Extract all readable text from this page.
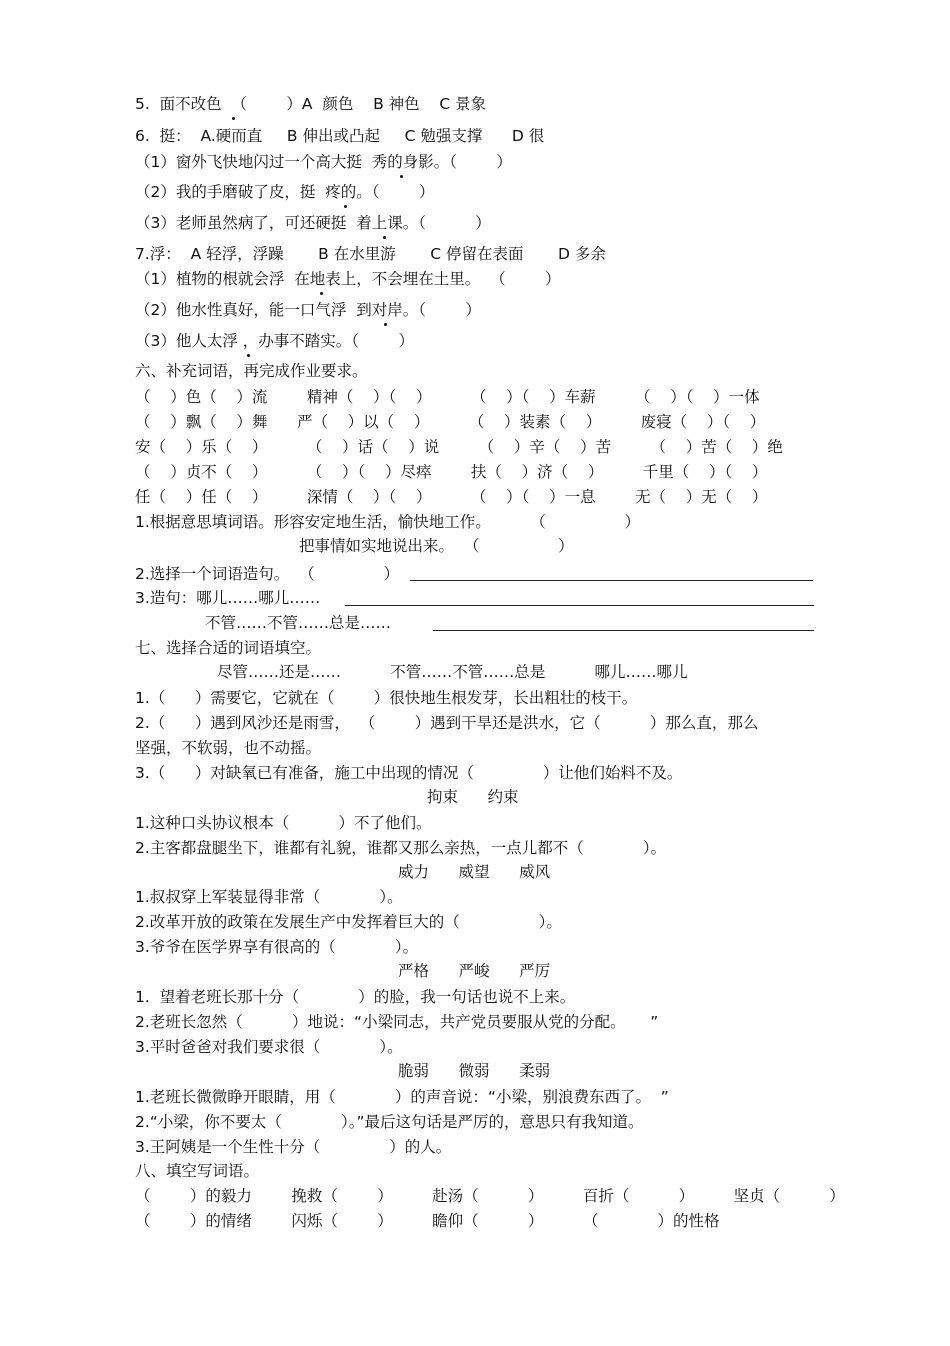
5.  面不改色  （        ）A  颜色    B 神色    C 景象

6.  挺：  A.硬而直     B 伸出或凸起     C 勉强支撑      D 很

（1）窗外飞快地闪过一个高大挺  秀的身影。（        ）

（2）我的手磨破了皮，挺  疼的。（        ）

（3）老师虽然病了，可还硬挺  着上课。（          ）

7.浮：  A 轻浮，浮躁       B 在水里游       C 停留在表面       D 多余

（1）植物的根就会浮  在地表上，不会埋在土里。  （        ）

（2）他水性真好，能一口气浮  到对岸。（        ）

（3）他人太浮 ，办事不踏实。（        ）

六、补充词语，再完成作业要求。

（    ）色（    ）流        精神（    ）（    ）        （    ）（    ）车薪        （    ）（    ）一体

（    ）飘（    ）舞      严（    ）以（    ）        （    ）装素（    ）        废寝（    ）（    ）

安（    ）乐（    ）        （    ）话（    ）说        （    ）辛（    ）苦        （    ）苦（    ）绝

（    ）贞不（    ）        （    ）（    ）尽瘁        扶（    ）济（    ）        千里（    ）（    ）

任（    ）任（    ）        深情（    ）（    ）        （    ）（    ）一息        无（    ）无（    ）

1.根据意思填词语。形容安定地生活，愉快地工作。        （                ）

把事情如实地说出来。  （                ）

2.选择一个词语造句。  （              ）

3.造句：哪儿……哪儿……

不管……不管……总是……

七、选择合适的词语填空。

尽管……还是……          不管……不管……总是          哪儿……哪儿

1.（      ）需要它，它就在（        ）很快地生根发芽，长出粗壮的枝干。

2.（      ）遇到风沙还是雨雪，  （        ）遇到干旱还是洪水，它（          ）那么直，那么

坚强，不软弱，也不动摇。

3.（      ）对缺氧已有准备，施工中出现的情况（              ）让他们始料不及。

拘束      约束

1.这种口头协议根本（          ）不了他们。

2.主客都盘腿坐下，谁都有礼貌，谁都又那么亲热，一点儿都不（            ）。

威力      威望      威风

1.叔叔穿上军装显得非常（            ）。

2.改革开放的政策在发展生产中发挥着巨大的（                ）。

3.爷爷在医学界享有很高的（            ）。

严格      严峻      严厉

1.  望着老班长那十分（            ）的脸，我一句话也说不上来。

2.老班长忽然（          ）地说：“小梁同志，共产党员要服从党的分配。     ”

3.平时爸爸对我们要求很（            ）。

脆弱      微弱      柔弱

1.老班长微微睁开眼睛，用（            ）的声音说：“小梁，别浪费东西了。  ”

2.“小梁，你不要太（            ）。”最后这句话是严厉的，意思只有我知道。

3.王阿姨是一个生性十分（              ）的人。

八、填空写词语。

（        ）的毅力        挽救（        ）        赴汤（          ）        百折（          ）        坚贞（          ）

（        ）的情绪        闪烁（        ）        瞻仰（          ）        （            ）的性格
